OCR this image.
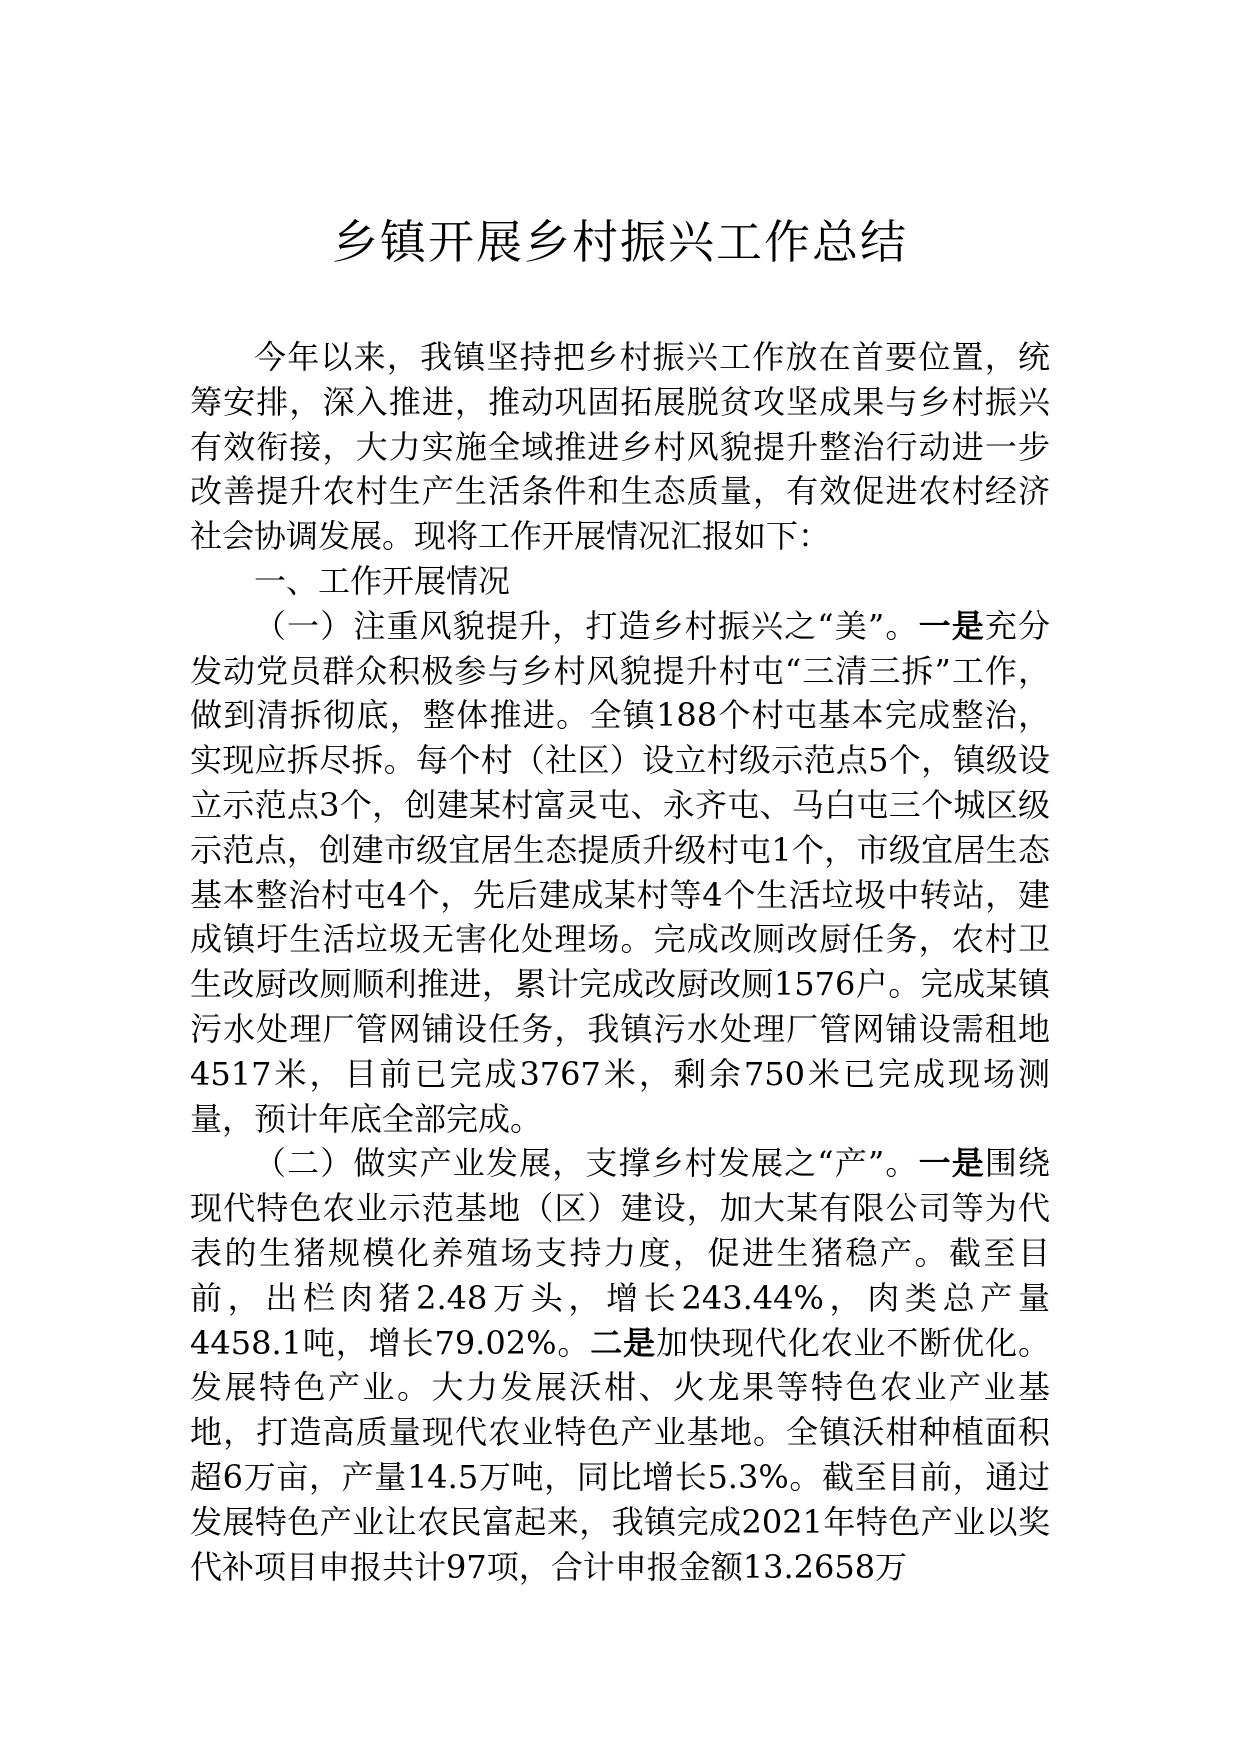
乡镇开展乡村振兴工作总结

今年以来，我镇坚持把乡村振兴工作放在首要位置，统筹安排，深入推进，推动巩固拓展脱贫攻坚成果与乡村振兴有效衔接，大力实施全域推进乡村风貌提升整治行动进一步改善提升农村生产生活条件和生态质量，有效促进农村经济社会协调发展。现将工作开展情况汇报如下：

一、工作开展情况

（一）注重风貌提升，打造乡村振兴之“美”。一是充分发动党员群众积极参与乡村风貌提升村屯“三清三拆”工作，做到清拆彻底，整体推进。全镇188个村屯基本完成整治，实现应拆尽拆。每个村（社区）设立村级示范点5个，镇级设立示范点3个，创建某村富灵屯、永齐屯、马白屯三个城区级示范点，创建市级宜居生态提质升级村屯1个，市级宜居生态基本整治村屯4个，先后建成某村等4个生活垃圾中转站，建成镇圩生活垃圾无害化处理场。完成改厕改厨任务，农村卫生改厨改厕顺利推进，累计完成改厨改厕1576户。完成某镇污水处理厂管网铺设任务，我镇污水处理厂管网铺设需租地4517米，目前已完成3767米，剩余750米已完成现场测量，预计年底全部完成。

（二）做实产业发展，支撑乡村发展之“产”。一是围绕现代特色农业示范基地（区）建设，加大某有限公司等为代表的生猪规模化养殖场支持力度，促进生猪稳产。截至目前，出栏肉猪2.48万头，增长243.44%，肉类总产量4458.1吨，增长79.02%。二是加快现代化农业不断优化。发展特色产业。大力发展沃柑、火龙果等特色农业产业基地，打造高质量现代农业特色产业基地。全镇沃柑种植面积超6万亩，产量14.5万吨，同比增长5.3%。截至目前，通过发展特色产业让农民富起来，我镇完成2021年特色产业以奖代补项目申报共计97项，合计申报金额13.2658万
